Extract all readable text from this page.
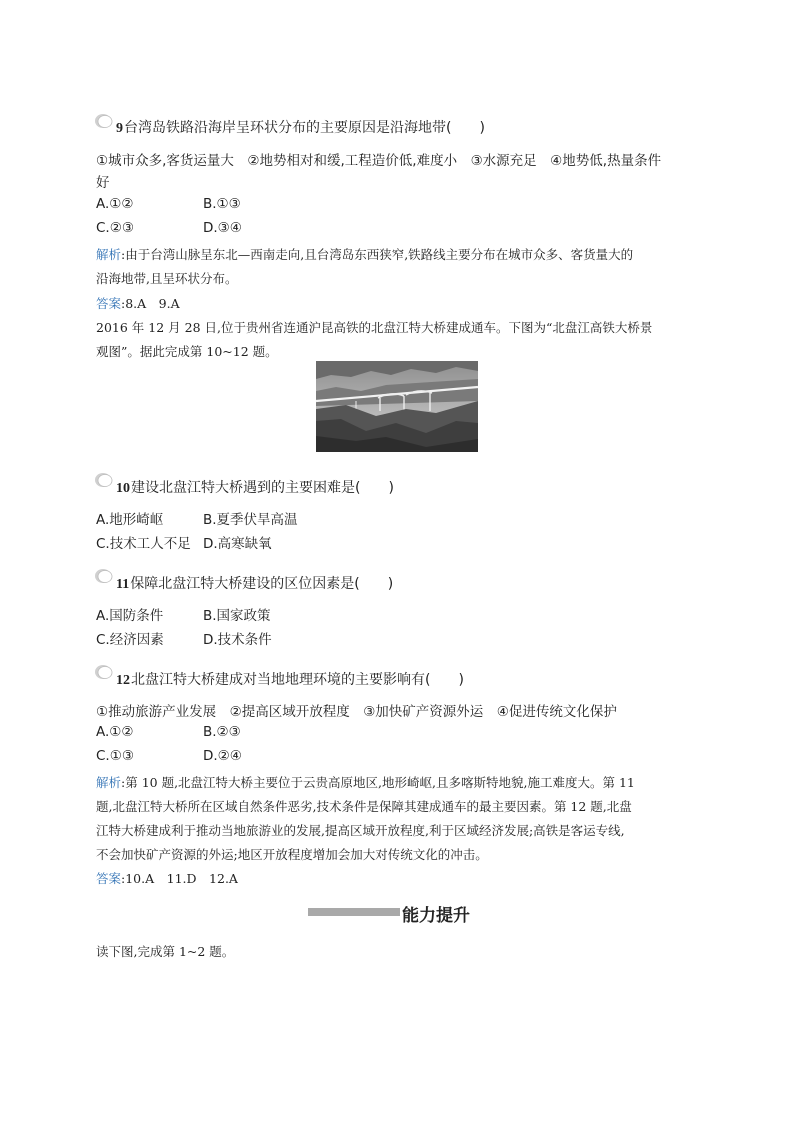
9台湾岛铁路沿海岸呈环状分布的主要原因是沿海地带(　　)
①城市众多,客货运量大　②地势相对和缓,工程造价低,难度小　③水源充足　④地势低,热量条件
好
A.①②	B.①③
C.②③	D.③④
解析:由于台湾山脉呈东北—西南走向,且台湾岛东西狭窄,铁路线主要分布在城市众多、客货量大的
沿海地带,且呈环状分布。
答案:8.A　9.A
2016 年 12 月 28 日,位于贵州省连通沪昆高铁的北盘江特大桥建成通车。下图为“北盘江高铁大桥景
观图”。据此完成第 10~12 题。
10建设北盘江特大桥遇到的主要困难是(　　)
A.地形崎岖	B.夏季伏旱高温
C.技术工人不足 D.高寒缺氧
11保障北盘江特大桥建设的区位因素是(　　)
A.国防条件	B.国家政策
C.经济因素	D.技术条件
12北盘江特大桥建成对当地地理环境的主要影响有(　　)
①推动旅游产业发展　②提高区域开放程度　③加快矿产资源外运　④促进传统文化保护
A.①②	B.②③
C.①③	D.②④
解析:第 10 题,北盘江特大桥主要位于云贵高原地区,地形崎岖,且多喀斯特地貌,施工难度大。第 11
题,北盘江特大桥所在区域自然条件恶劣,技术条件是保障其建成通车的最主要因素。第 12 题,北盘
江特大桥建成利于推动当地旅游业的发展,提高区域开放程度,利于区域经济发展;高铁是客运专线,
不会加快矿产资源的外运;地区开放程度增加会加大对传统文化的冲击。
答案:10.A　11.D　12.A
能力提升
读下图,完成第 1~2 题。
